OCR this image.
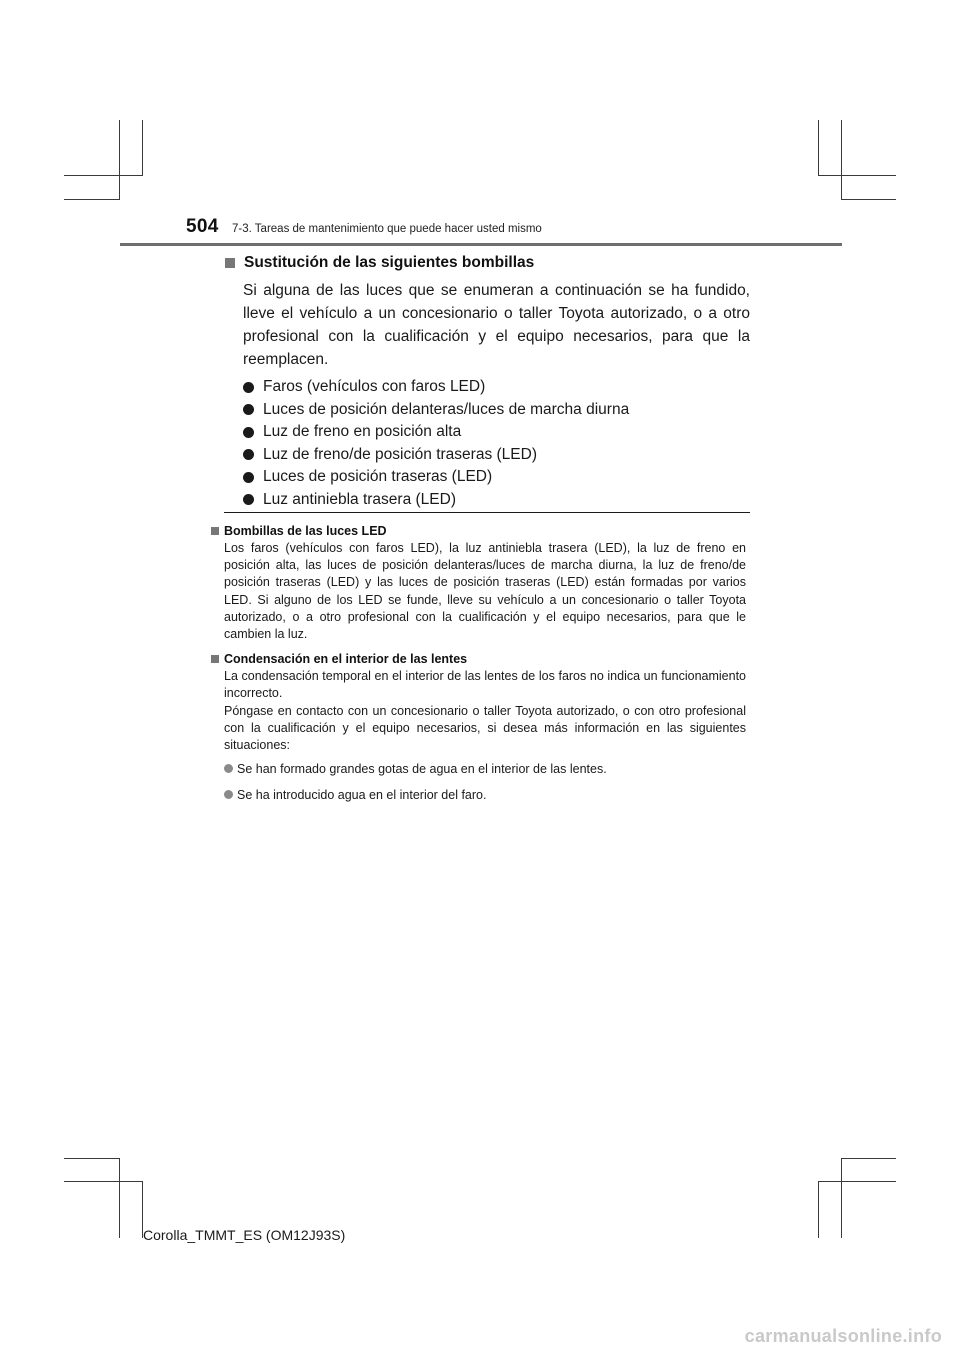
504 7-3. Tareas de mantenimiento que puede hacer usted mismo
Sustitución de las siguientes bombillas
Si alguna de las luces que se enumeran a continuación se ha fundido, lleve el vehículo a un concesionario o taller Toyota autorizado, o a otro profesional con la cualificación y el equipo necesarios, para que la reemplacen.
Faros (vehículos con faros LED)
Luces de posición delanteras/luces de marcha diurna
Luz de freno en posición alta
Luz de freno/de posición traseras (LED)
Luces de posición traseras (LED)
Luz antiniebla trasera (LED)
Bombillas de las luces LED
Los faros (vehículos con faros LED), la luz antiniebla trasera (LED), la luz de freno en posición alta, las luces de posición delanteras/luces de marcha diurna, la luz de freno/de posición traseras (LED) y las luces de posición traseras (LED) están formadas por varios LED. Si alguno de los LED se funde, lleve su vehículo a un concesionario o taller Toyota autorizado, o a otro profesional con la cualificación y el equipo necesarios, para que le cambien la luz.
Condensación en el interior de las lentes
La condensación temporal en el interior de las lentes de los faros no indica un funcionamiento incorrecto.
Póngase en contacto con un concesionario o taller Toyota autorizado, o con otro profesional con la cualificación y el equipo necesarios, si desea más información en las siguientes situaciones:
Se han formado grandes gotas de agua en el interior de las lentes.
Se ha introducido agua en el interior del faro.
Corolla_TMMT_ES (OM12J93S)
carmanualsonline.info
